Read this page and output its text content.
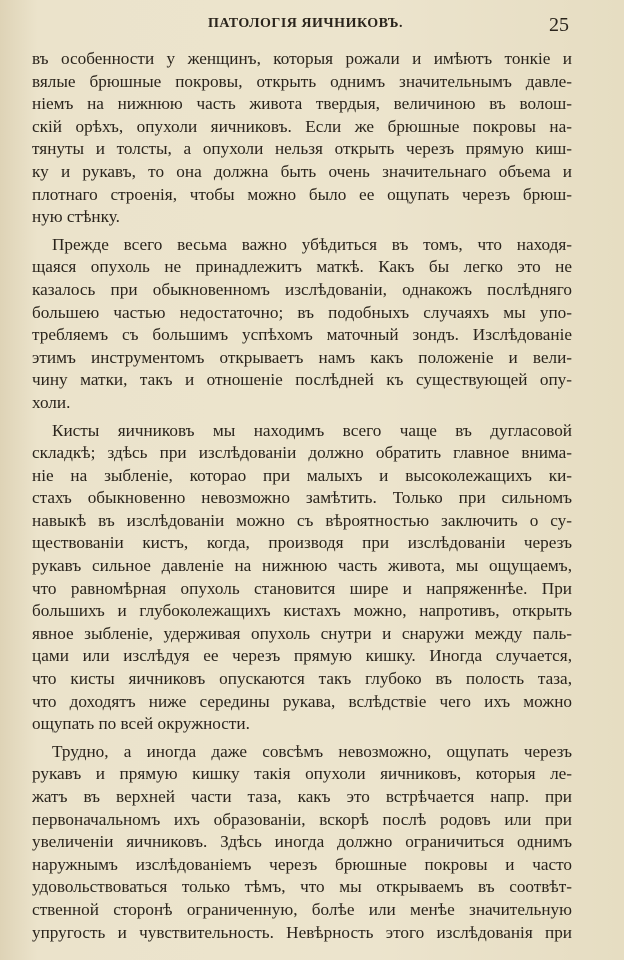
ПАТОЛОГІЯ ЯИЧНИКОВЪ.	25
въ особенности у женщинъ, которыя рожали и имѣютъ тонкіе и
вялые брюшные покровы, открыть однимъ значительнымъ давле-
ніемъ на нижнюю часть живота твердыя, величиною въ волош-
скій орѣхъ, опухоли яичниковъ. Если же брюшные покровы на-
тянуты и толсты, а опухоли нельзя открыть черезъ прямую киш-
ку и рукавъ, то она должна быть очень значительнаго объема и
плотнаго строенія, чтобы можно было ее ощупать черезъ брюш-
ную стѣнку.
Прежде всего весьма важно убѣдиться въ томъ, что находя-
щаяся опухоль не принадлежитъ маткѣ. Какъ бы легко это не
казалось при обыкновенномъ изслѣдованіи, однакожъ послѣдняго
большею частью недостаточно; въ подобныхъ случаяхъ мы упо-
требляемъ съ большимъ успѣхомъ маточный зондъ. Изслѣдованіе
этимъ инструментомъ открываетъ намъ какъ положеніе и вели-
чину матки, такъ и отношеніе послѣдней къ существующей опу-
холи.
Кисты яичниковъ мы находимъ всего чаще въ дугласовой
складкѣ; здѣсь при изслѣдованіи должно обратить главное внима-
ніе на зыбленіе, которао при малыхъ и высоколежащихъ ки-
стахъ обыкновенно невозможно замѣтить. Только при сильномъ
навыкѣ въ изслѣдованіи можно съ вѣроятностью заключить о су-
ществованіи кистъ, когда, производя при изслѣдованіи черезъ
рукавъ сильное давленіе на нижнюю часть живота, мы ощущаемъ,
что равномѣрная опухоль становится шире и напряженнѣе. При
большихъ и глубоколежащихъ кистахъ можно, напротивъ, открыть
явное зыбленіе, удерживая опухоль снутри и снаружи между паль-
цами или изслѣдуя ее черезъ прямую кишку. Иногда случается,
что кисты яичниковъ опускаются такъ глубоко въ полость таза,
что доходятъ ниже середины рукава, вслѣдствіе чего ихъ можно
ощупать по всей окружности.
Трудно, а иногда даже совсѣмъ невозможно, ощупать черезъ
рукавъ и прямую кишку такія опухоли яичниковъ, которыя ле-
жатъ въ верхней части таза, какъ это встрѣчается напр. при
первоначальномъ ихъ образованіи, вскорѣ послѣ родовъ или при
увеличеніи яичниковъ. Здѣсь иногда должно ограничиться однимъ
наружнымъ изслѣдованіемъ черезъ брюшные покровы и часто
удовольствоваться только тѣмъ, что мы открываемъ въ соотвѣт-
ственной сторонѣ ограниченную, болѣе или менѣе значительную
упругость и чувствительность. Невѣрность этого изслѣдованія при
